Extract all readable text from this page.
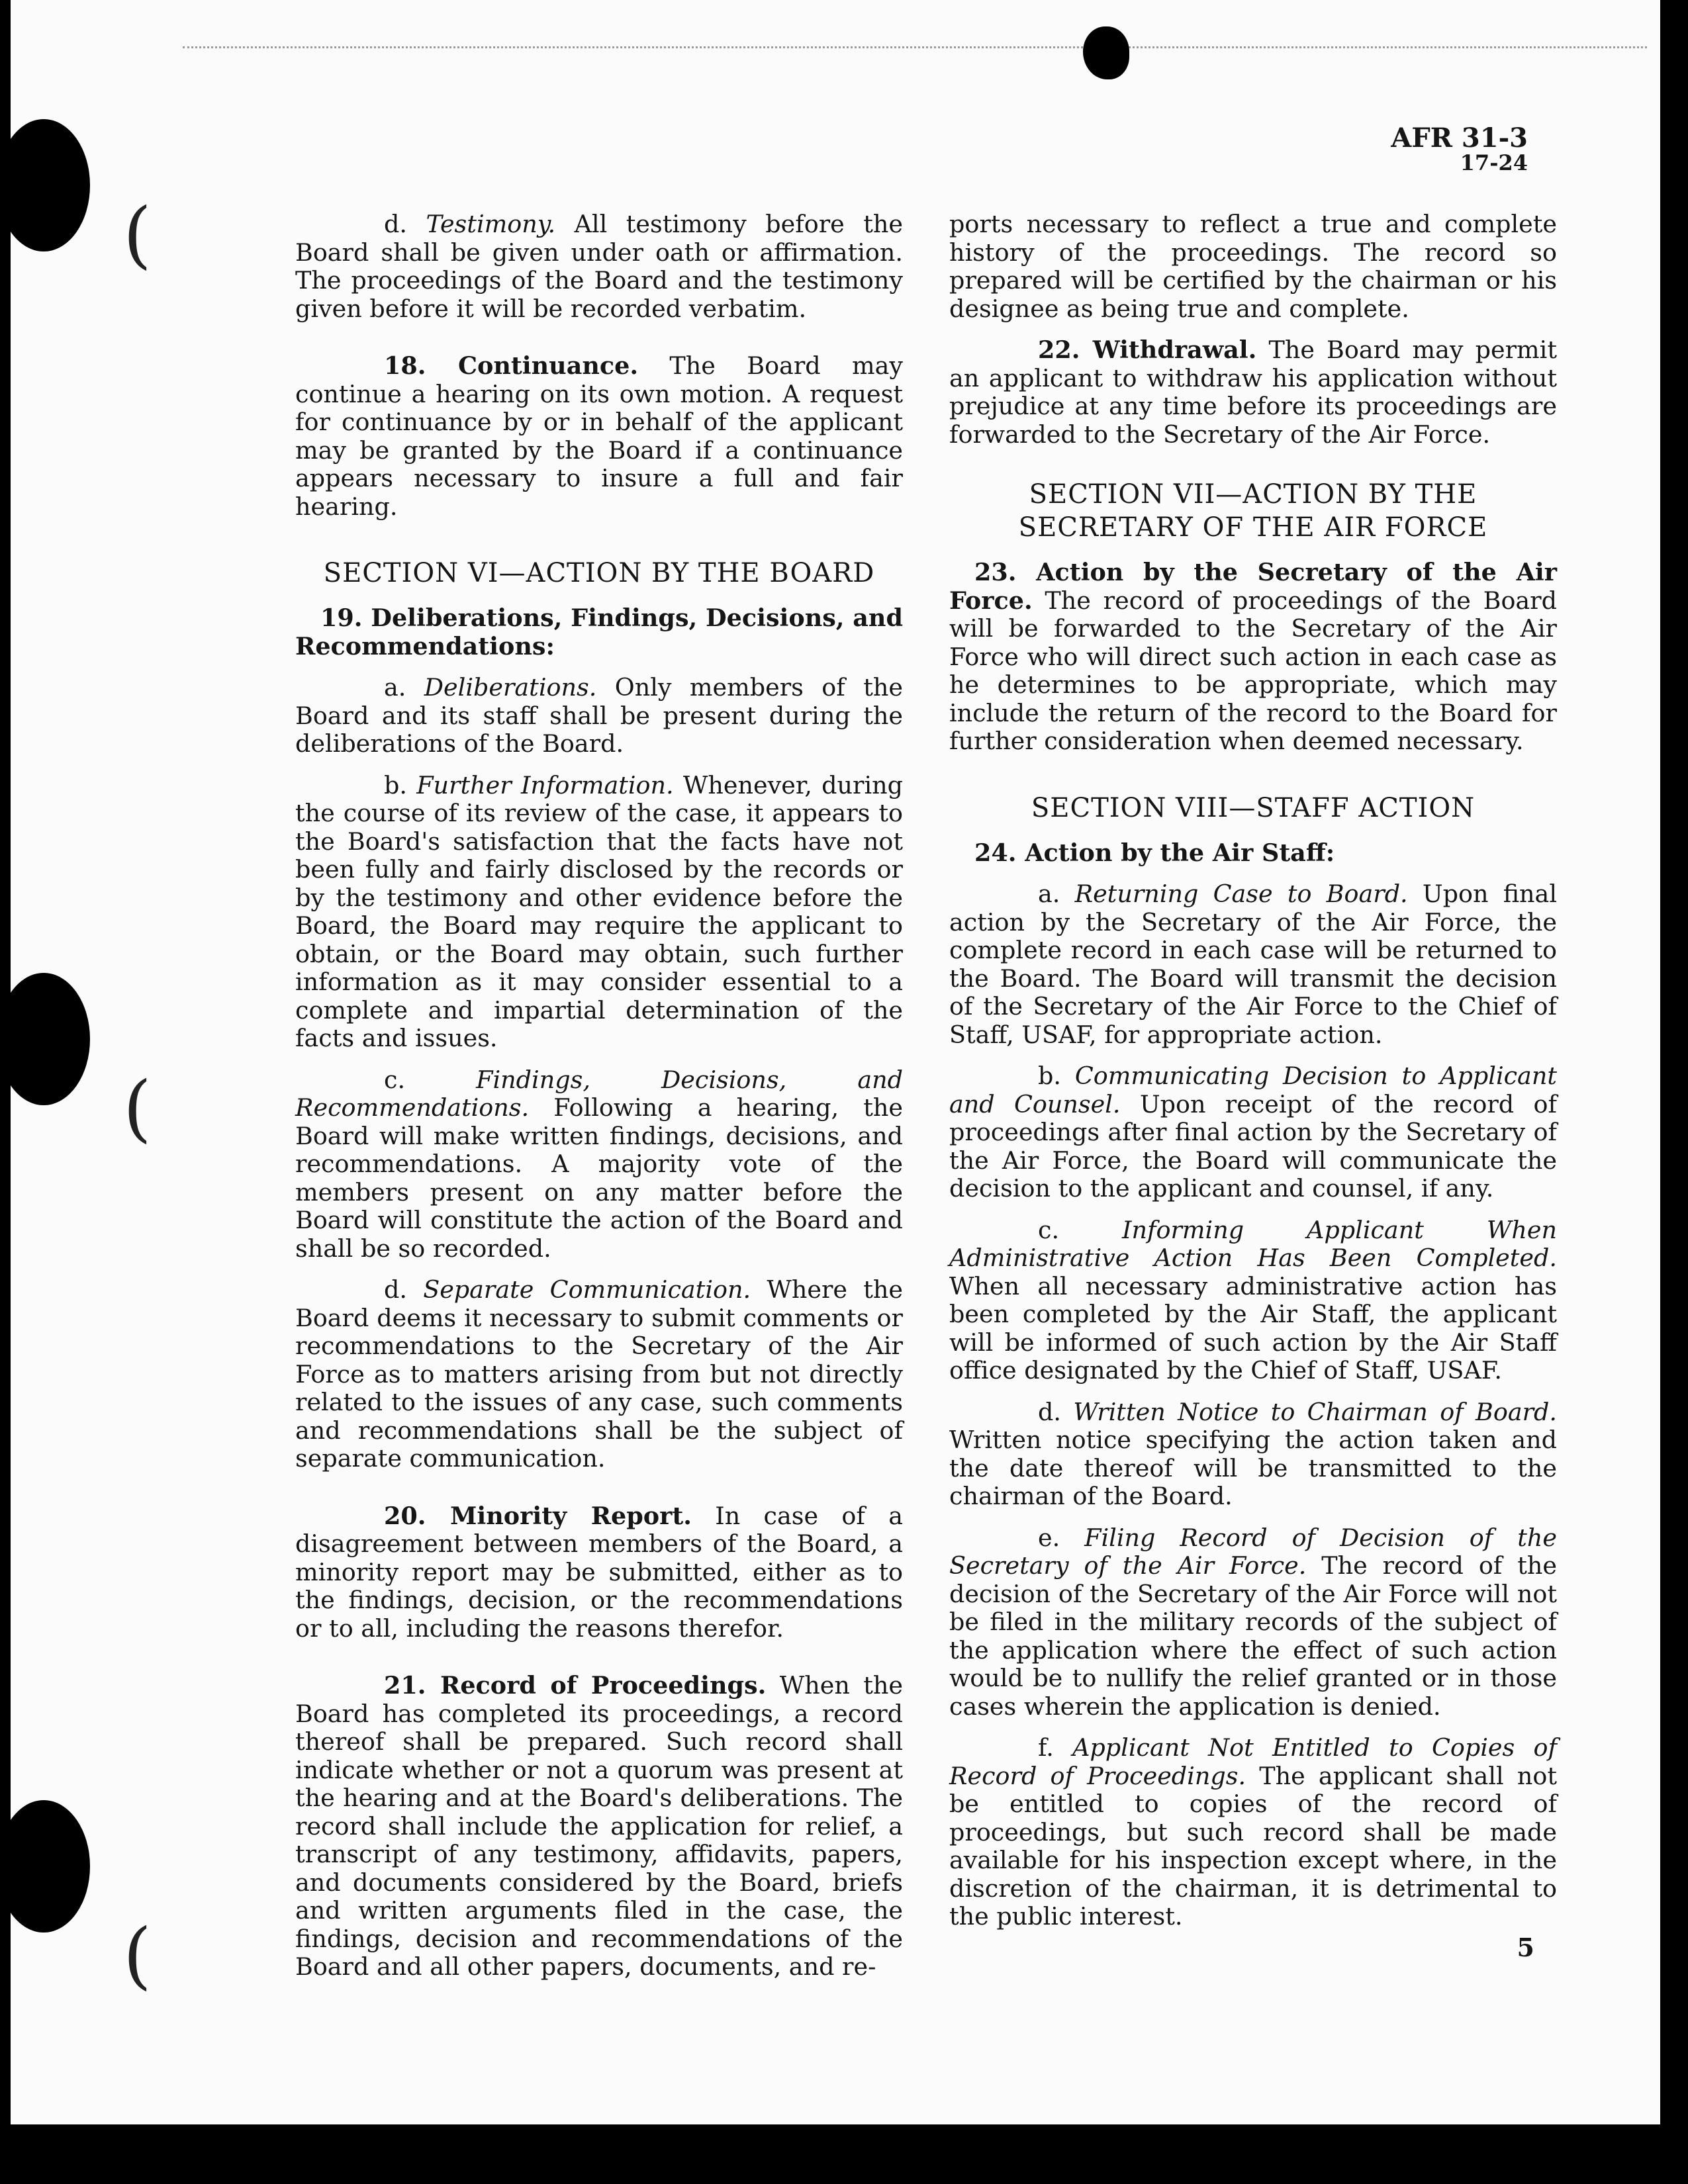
(
(
(
AFR 31-3
17-24

d. Testimony. All testimony before the Board shall be given under oath or affirmation. The proceedings of the Board and the testimony given before it will be recorded verbatim.

18. Continuance. The Board may continue a hearing on its own motion. A request for continuance by or in behalf of the applicant may be granted by the Board if a continuance appears necessary to insure a full and fair hearing.

SECTION VI—ACTION BY THE BOARD

19. Deliberations, Findings, Decisions, and Recommendations:

a. Deliberations. Only members of the Board and its staff shall be present during the deliberations of the Board.

b. Further Information. Whenever, during the course of its review of the case, it appears to the Board's satisfaction that the facts have not been fully and fairly disclosed by the records or by the testimony and other evidence before the Board, the Board may require the applicant to obtain, or the Board may obtain, such further information as it may consider essential to a complete and impartial determination of the facts and issues.

c. Findings, Decisions, and Recommendations. Following a hearing, the Board will make written findings, decisions, and recommendations. A majority vote of the members present on any matter before the Board will constitute the action of the Board and shall be so recorded.

d. Separate Communication. Where the Board deems it necessary to submit comments or recommendations to the Secretary of the Air Force as to matters arising from but not directly related to the issues of any case, such comments and recommendations shall be the subject of separate communication.

20. Minority Report. In case of a disagreement between members of the Board, a minority report may be submitted, either as to the findings, decision, or the recommendations or to all, including the reasons therefor.

21. Record of Proceedings. When the Board has completed its proceedings, a record thereof shall be prepared. Such record shall indicate whether or not a quorum was present at the hearing and at the Board's deliberations. The record shall include the application for relief, a transcript of any testimony, affidavits, papers, and documents considered by the Board, briefs and written arguments filed in the case, the findings, decision and recommendations of the Board and all other papers, documents, and re-

ports necessary to reflect a true and complete history of the proceedings. The record so prepared will be certified by the chairman or his designee as being true and complete.

22. Withdrawal. The Board may permit an applicant to withdraw his application without prejudice at any time before its proceedings are forwarded to the Secretary of the Air Force.

SECTION VII—ACTION BY THE
SECRETARY OF THE AIR FORCE

23. Action by the Secretary of the Air Force. The record of proceedings of the Board will be forwarded to the Secretary of the Air Force who will direct such action in each case as he determines to be appropriate, which may include the return of the record to the Board for further consideration when deemed necessary.

SECTION VIII—STAFF ACTION

24. Action by the Air Staff:

a. Returning Case to Board. Upon final action by the Secretary of the Air Force, the complete record in each case will be returned to the Board. The Board will transmit the decision of the Secretary of the Air Force to the Chief of Staff, USAF, for appropriate action.

b. Communicating Decision to Applicant and Counsel. Upon receipt of the record of proceedings after final action by the Secretary of the Air Force, the Board will communicate the decision to the applicant and counsel, if any.

c. Informing Applicant When Administrative Action Has Been Completed. When all necessary administrative action has been completed by the Air Staff, the applicant will be informed of such action by the Air Staff office designated by the Chief of Staff, USAF.

d. Written Notice to Chairman of Board. Written notice specifying the action taken and the date thereof will be transmitted to the chairman of the Board.

e. Filing Record of Decision of the Secretary of the Air Force. The record of the decision of the Secretary of the Air Force will not be filed in the military records of the subject of the application where the effect of such action would be to nullify the relief granted or in those cases wherein the application is denied.

f. Applicant Not Entitled to Copies of Record of Proceedings. The applicant shall not be entitled to copies of the record of proceedings, but such record shall be made available for his inspection except where, in the discretion of the chairman, it is detrimental to the public interest.

5
